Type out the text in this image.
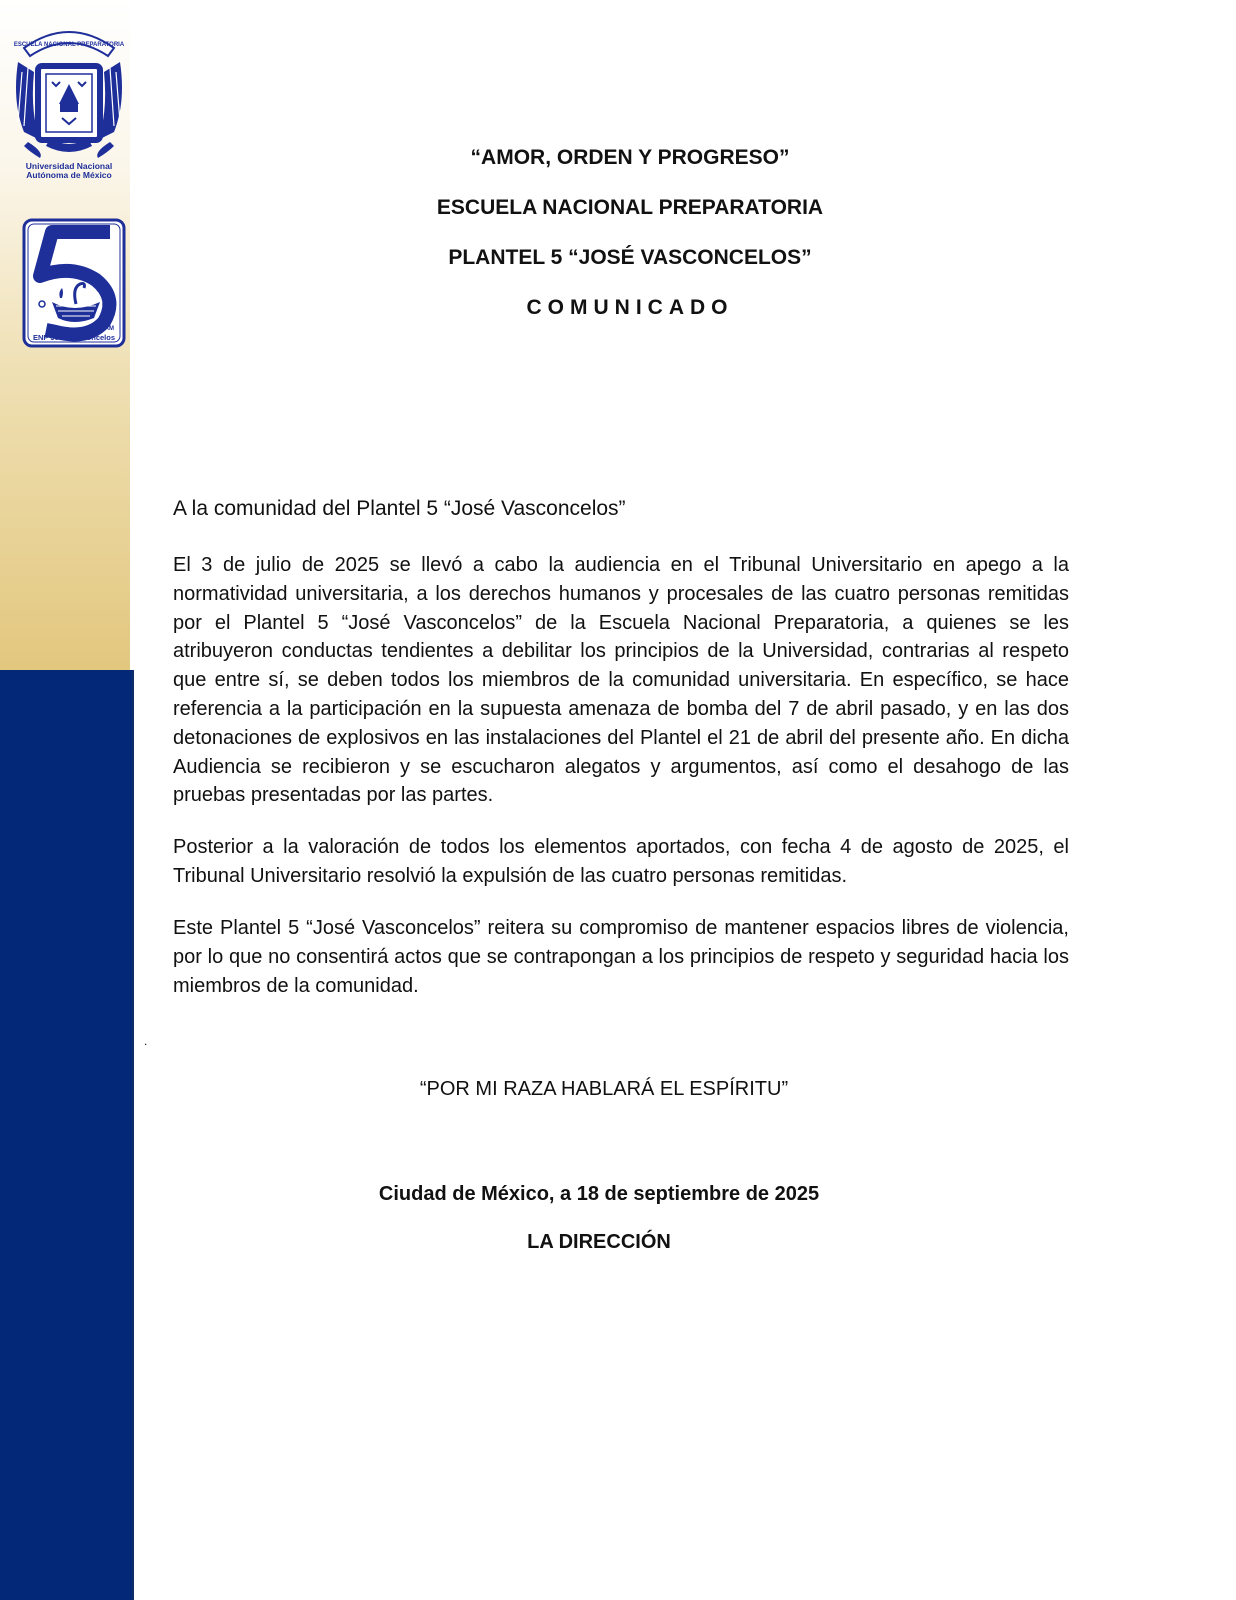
ESCUELA NACIONAL PREPARATORIA
Universidad Nacional
Autónoma de México
UNAM
ENP José Vasconcelos
“AMOR, ORDEN Y PROGRESO”
ESCUELA NACIONAL PREPARATORIA
PLANTEL 5 “JOSÉ VASCONCELOS”
COMUNICADO
A la comunidad del Plantel 5 “José Vasconcelos”
El 3 de julio de 2025 se llevó a cabo la audiencia en el Tribunal Universitario en apego a la normatividad universitaria, a los derechos humanos y procesales de las cuatro personas remitidas por el Plantel 5 “José Vasconcelos” de la Escuela Nacional Preparatoria, a quienes se les atribuyeron conductas tendientes a debilitar los principios de la Universidad, contrarias al respeto que entre sí, se deben todos los miembros de la comunidad universitaria. En específico, se hace referencia a la participación en la supuesta amenaza de bomba del 7 de abril pasado, y en las dos detonaciones de explosivos en las instalaciones del Plantel el 21 de abril del presente año. En dicha Audiencia se recibieron y se escucharon alegatos y argumentos, así como el desahogo de las pruebas presentadas por las partes.
Posterior a la valoración de todos los elementos aportados, con fecha 4 de agosto de 2025, el Tribunal Universitario resolvió la expulsión de las cuatro personas remitidas.
Este Plantel 5 “José Vasconcelos” reitera su compromiso de mantener espacios libres de violencia, por lo que no consentirá actos que se contrapongan a los principios de respeto y seguridad hacia los miembros de la comunidad.
.
“POR MI RAZA HABLARÁ EL ESPÍRITU”
Ciudad de México, a 18 de septiembre de 2025
LA DIRECCIÓN
